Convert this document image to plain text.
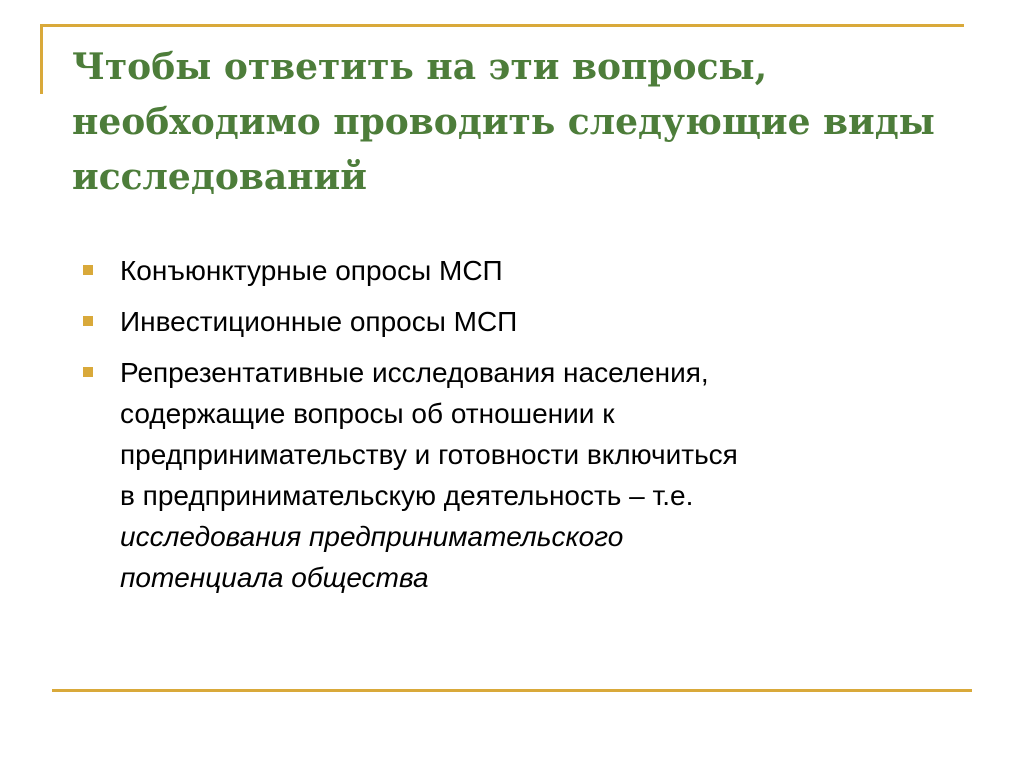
Чтобы ответить на эти вопросы,
необходимо проводить следующие виды
исследований
Конъюнктурные опросы МСП
Инвестиционные опросы МСП
Репрезентативные исследования населения,
содержащие вопросы об отношении к
предпринимательству и готовности включиться
в предпринимательскую деятельность – т.е.
исследования предпринимательского
потенциала общества
